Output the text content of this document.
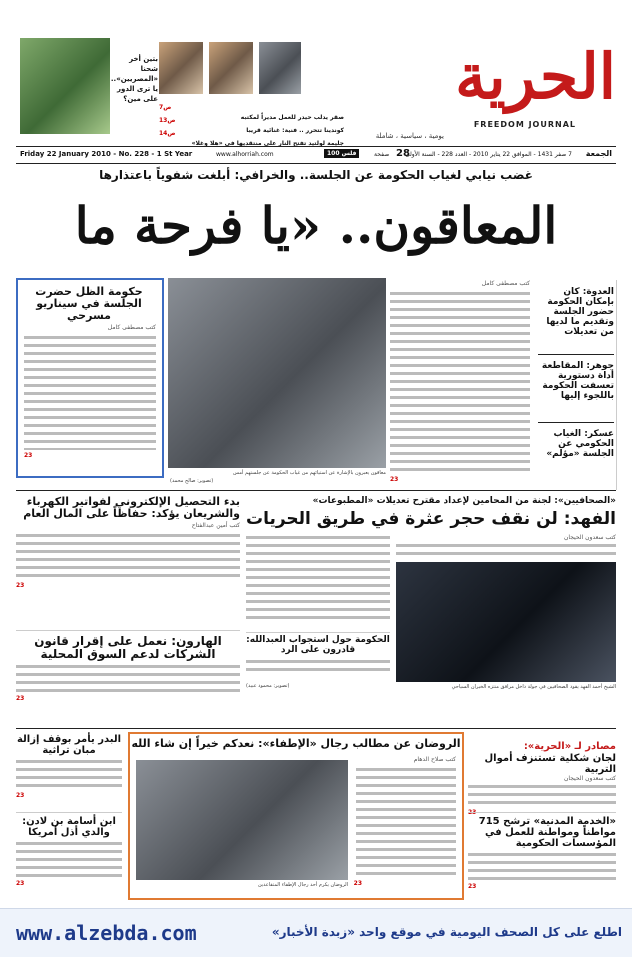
الحرية
FREEDOM JOURNAL
يومية ، سياسية ، شاملة
ص7
صقر يدلب حيدر للعمل مديراً لمكتبه
ص13
كوندينا تتحرر .. فنية: غنائية قريبا
ص14
جليمة لولتيد تفتح النار على منتقديها في «هلا وغلا»
بتين أخر شحنا «المصريين».. يا ترى الدور على مين؟
Friday 22 January 2010 - No. 228 - 1 St Year	www.alhorriah.com	100 فلس	صفحة 28
7 صفر 1431 - الموافق 22 يناير 2010 - العدد 228 - السنة الأولى الجمعة
غضب نيابي لغياب الحكومة عن الجلسة.. والخرافي: أبلغت شفوياً باعتذارها
المعاقون.. «يا فرحة ما
العدوة: كان بإمكان الحكومة حضور الجلسة وتقديم ما لديها من تعديلات
جوهر: المقاطعة أداة دستورية تعسفت الحكومة باللجوء إليها
عسكر: الغياب الحكومي عن الجلسة «مؤلم»
كتب مصطفى كامل
23
معاقون يعبرون بالإشارة عن استيائهم من غياب الحكومة عن جلستهم أمس
(تصوير: صالح محمد)
حكومة الظل حضرت الجلسة في سيناريو مسرحي
كتب مصطفى كامل
23
«الصحافيين»: لجنة من المحامين لإعداد مقترح تعديلات «المطبوعات»
الفهد: لن نقف حجر عثرة في طريق الحريات
كتب سعدون الحيجان
الشيخ أحمد الفهد يقود الصحافيين في جولة داخل مرافق منتزه الخيران السياحي
الحكومة حول استجواب العبدالله: قادرون على الرد
(تصوير: محمود عبيد)
بدء التحصيل الإلكتروني لفواتير الكهرباء والشريعان يؤكد: حفاظاً على المال العام
كتب أمين عبدالفتاح
23
الهارون: نعمل على إقرار قانون الشركات لدعم السوق المحلية
23
الروضان عن مطالب رجال «الإطفاء»: نعدكم خيراً إن شاء الله
كتب صلاح الدهام
الروضان يكرم أحد رجال الإطفاء المتقاعدين 23
البدر يأمر بوقف إزالة مبان تراثية
23
ابن أسامة بن لادن: والدي أذل أمريكا
23
مصادر لـ «الحرية»:
لجان شكلية تستنزف أموال التربية
كتب سعدون الحيجان
23
«الخدمة المدنية» ترشح 715 مواطناً ومواطنة للعمل في المؤسسات الحكومية
23
www.alzebda.com	اطلع على كل الصحف اليومية في موقع واحد «زبدة الأخبار»
